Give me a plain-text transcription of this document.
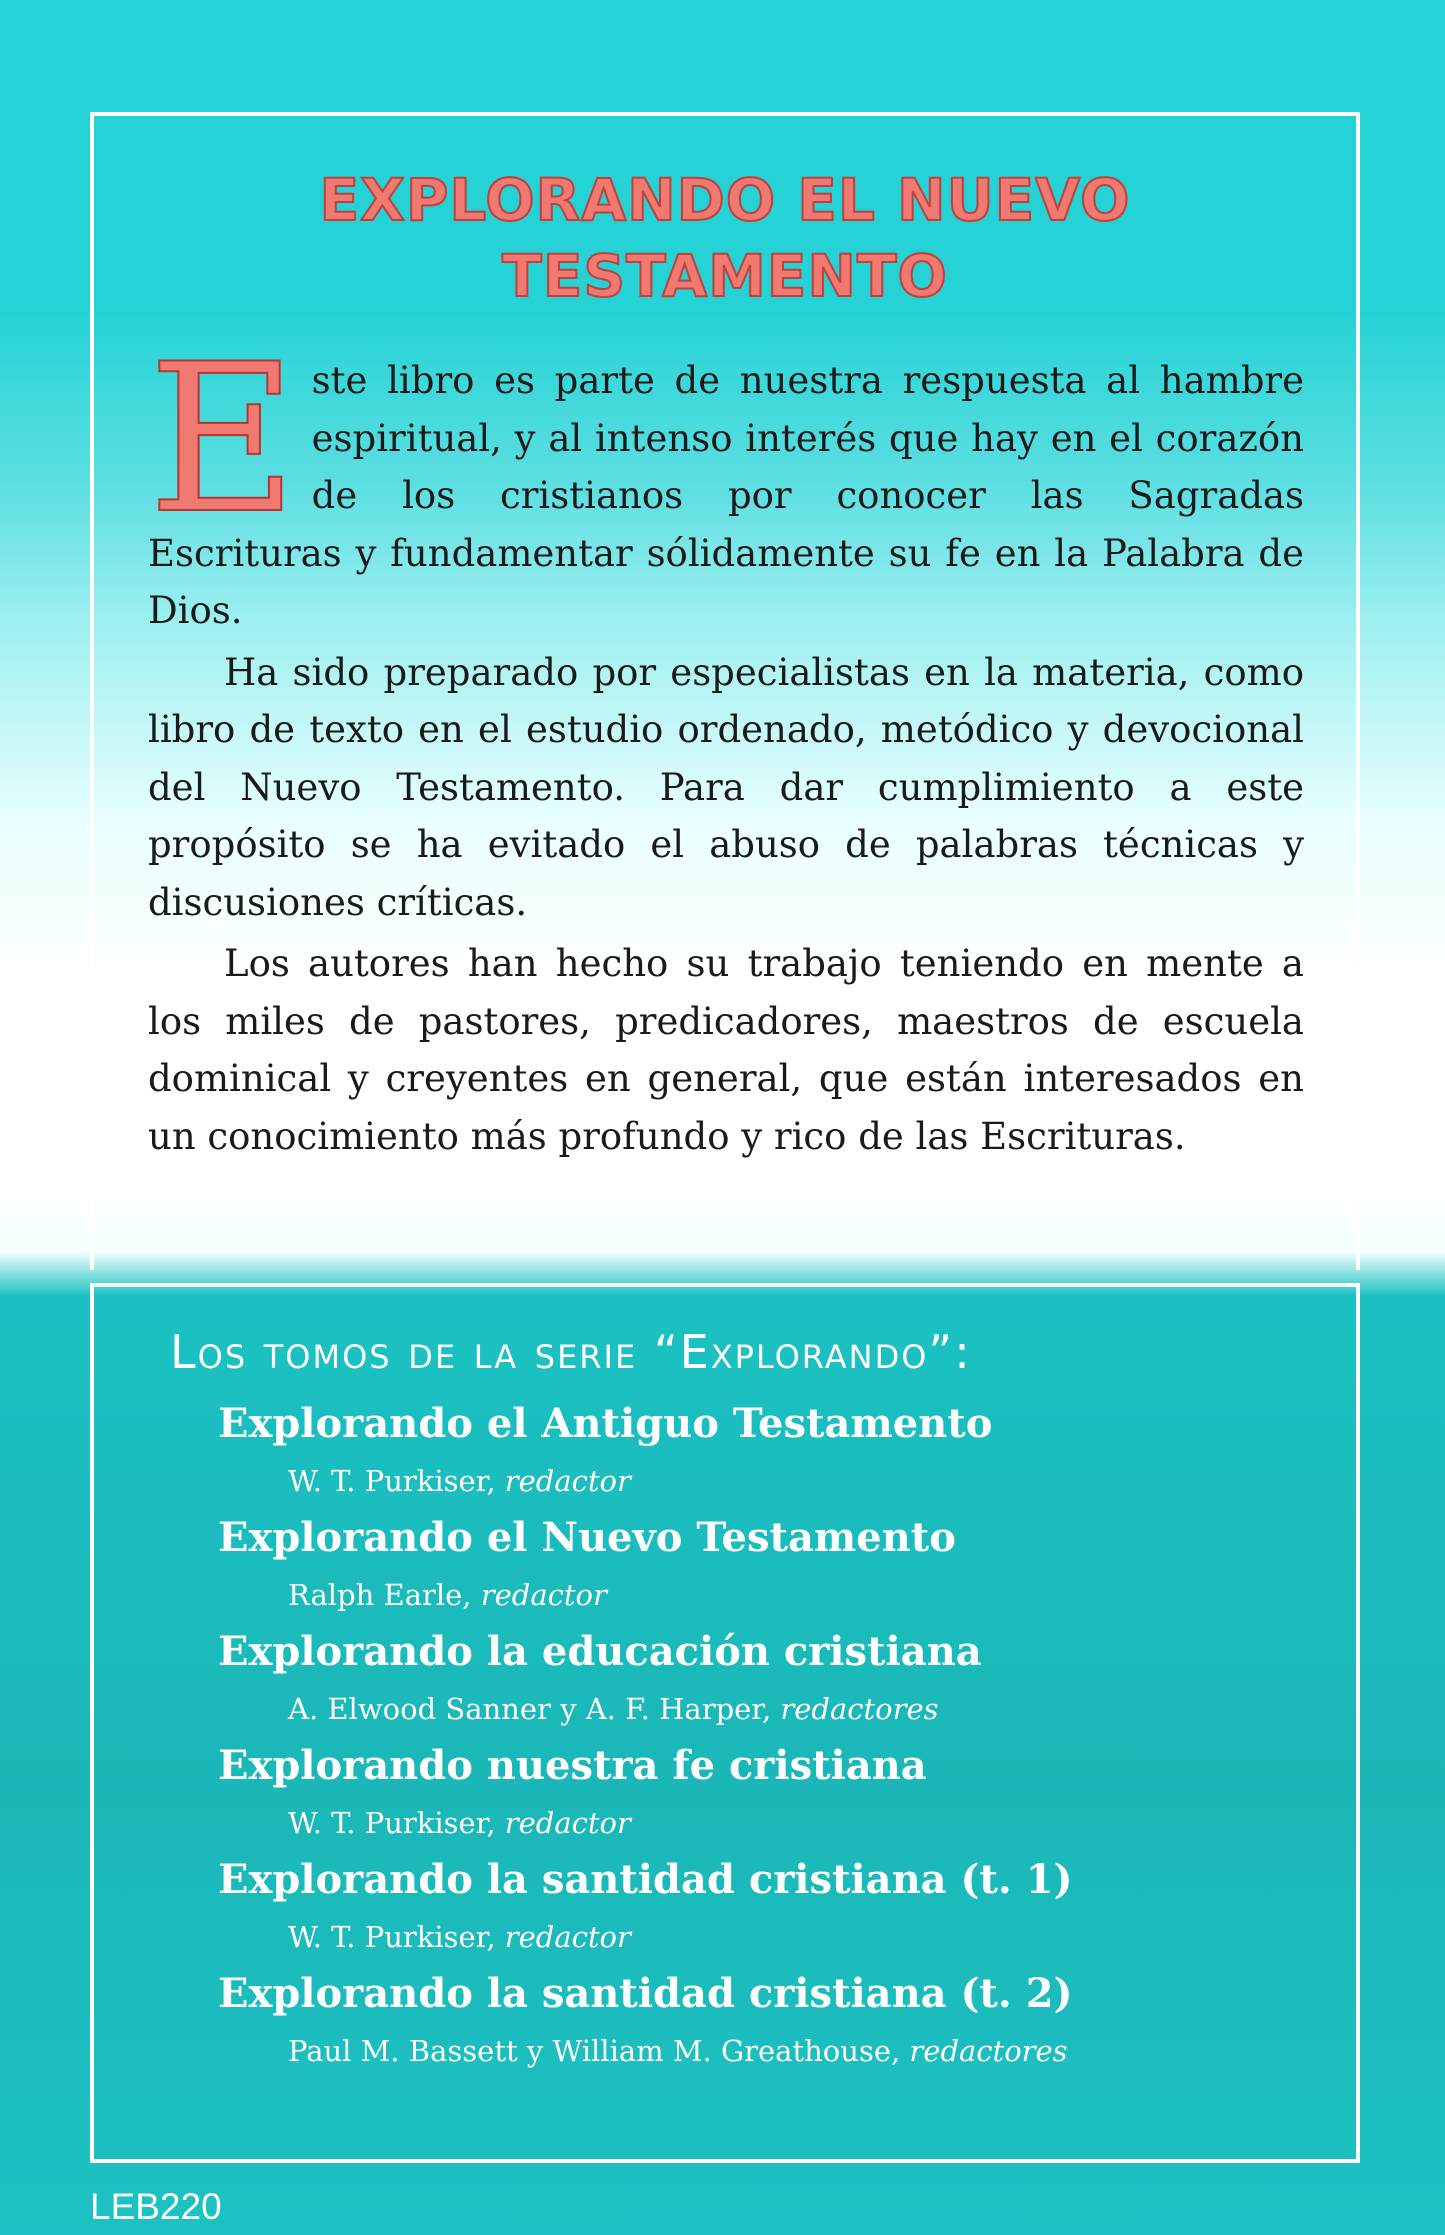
EXPLORANDO EL NUEVO
TESTAMENTO

Este libro es parte de nuestra respuesta al hambre espiritual, y al intenso interés que hay en el corazón de los cristianos por conocer las Sagradas Escrituras y fundamentar sólidamente su fe en la Palabra de Dios.

Ha sido preparado por especialistas en la materia, como libro de texto en el estudio ordenado, metódico y devocional del Nuevo Testamento. Para dar cumplimiento a este propósito se ha evitado el abuso de palabras técnicas y discusiones críticas.

Los autores han hecho su trabajo teniendo en mente a los miles de pastores, predicadores, maestros de escuela dominical y creyentes en general, que están interesados en un conocimiento más profundo y rico de las Escrituras.

Los tomos de la serie “Explorando”:

Explorando el Antiguo Testamento

W. T. Purkiser, redactor

Explorando el Nuevo Testamento

Ralph Earle, redactor

Explorando la educación cristiana

A. Elwood Sanner y A. F. Harper, redactores

Explorando nuestra fe cristiana

W. T. Purkiser, redactor

Explorando la santidad cristiana (t. 1)

W. T. Purkiser, redactor

Explorando la santidad cristiana (t. 2)

Paul M. Bassett y William M. Greathouse, redactores

LEB220
